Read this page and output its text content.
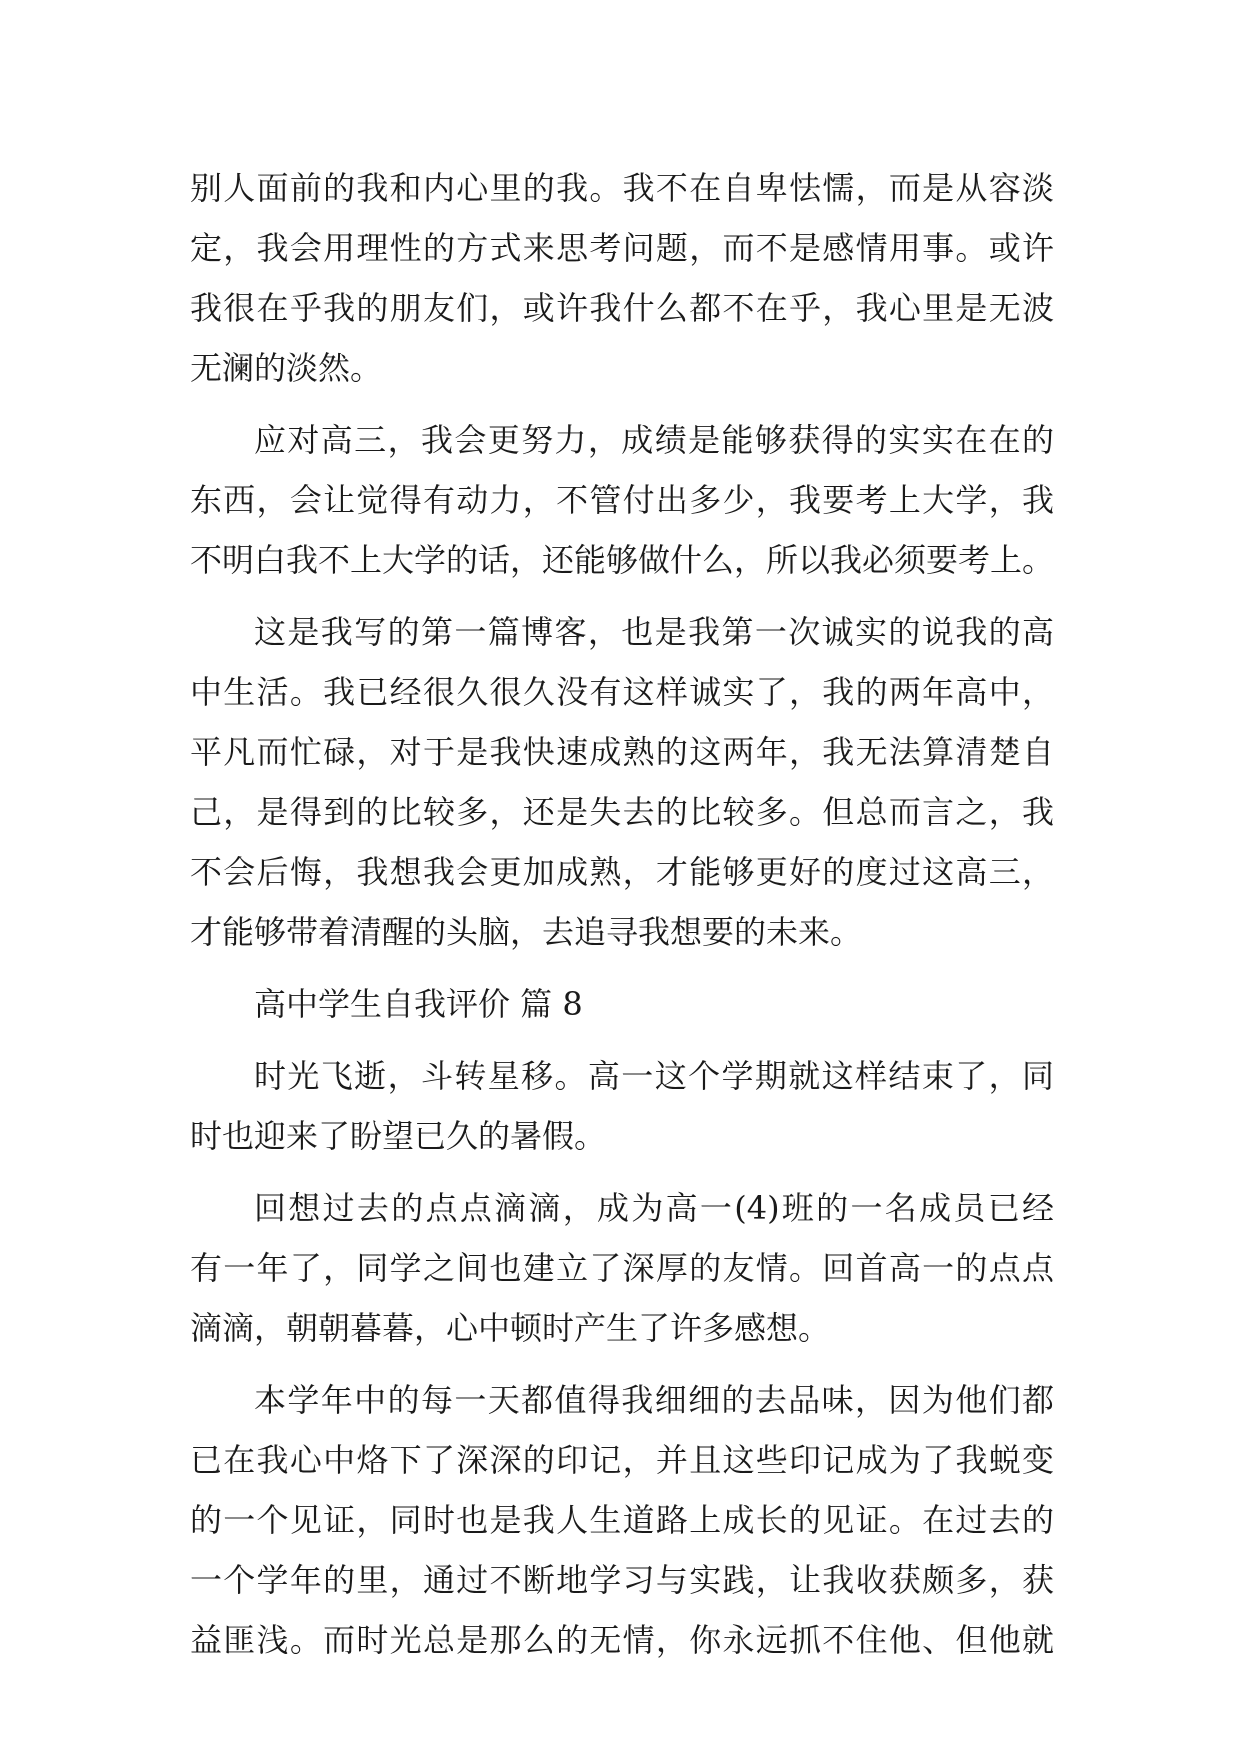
别人面前的我和内心里的我。我不在自卑怯懦，而是从容淡
定，我会用理性的方式来思考问题，而不是感情用事。或许
我很在乎我的朋友们，或许我什么都不在乎，我心里是无波
无澜的淡然。
应对高三，我会更努力，成绩是能够获得的实实在在的
东西，会让觉得有动力，不管付出多少，我要考上大学，我
不明白我不上大学的话，还能够做什么，所以我必须要考上。
这是我写的第一篇博客，也是我第一次诚实的说我的高
中生活。我已经很久很久没有这样诚实了，我的两年高中，
平凡而忙碌，对于是我快速成熟的这两年，我无法算清楚自
己，是得到的比较多，还是失去的比较多。但总而言之，我
不会后悔，我想我会更加成熟，才能够更好的度过这高三，
才能够带着清醒的头脑，去追寻我想要的未来。
高中学生自我评价 篇 8
时光飞逝，斗转星移。高一这个学期就这样结束了，同
时也迎来了盼望已久的暑假。
回想过去的点点滴滴，成为高一(4)班的一名成员已经
有一年了，同学之间也建立了深厚的友情。回首高一的点点
滴滴，朝朝暮暮，心中顿时产生了许多感想。
本学年中的每一天都值得我细细的去品味，因为他们都
已在我心中烙下了深深的印记，并且这些印记成为了我蜕变
的一个见证，同时也是我人生道路上成长的见证。在过去的
一个学年的里，通过不断地学习与实践，让我收获颇多，获
益匪浅。而时光总是那么的无情，你永远抓不住他、但他就
